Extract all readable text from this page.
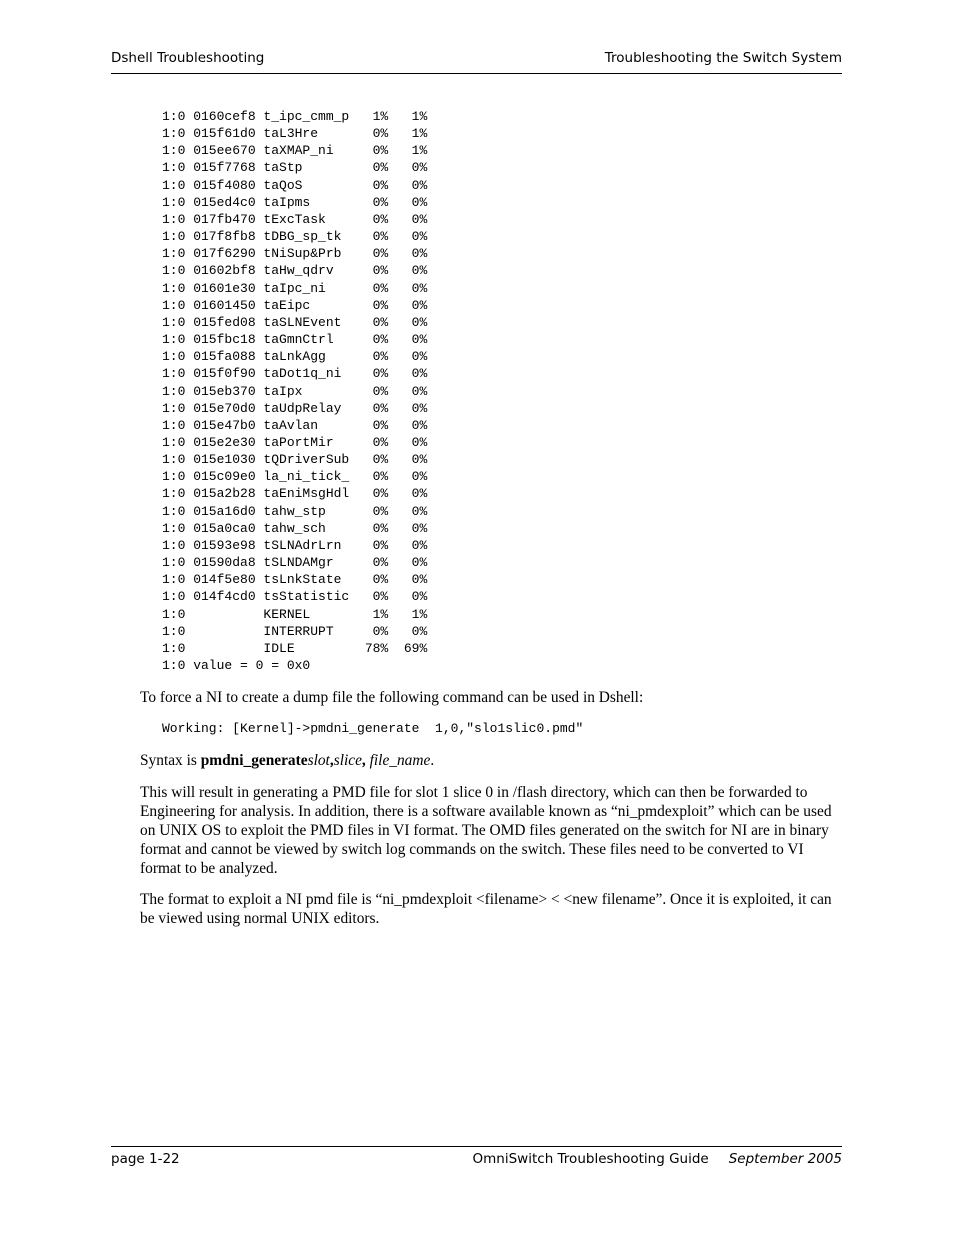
Dshell Troubleshooting	Troubleshooting the Switch System
1:0 0160cef8 t_ipc_cmm_p   1%   1%
1:0 015f61d0 taL3Hre       0%   1%
1:0 015ee670 taXMAP_ni     0%   1%
1:0 015f7768 taStp         0%   0%
1:0 015f4080 taQoS         0%   0%
1:0 015ed4c0 taIpms        0%   0%
1:0 017fb470 tExcTask      0%   0%
1:0 017f8fb8 tDBG_sp_tk    0%   0%
1:0 017f6290 tNiSup&Prb    0%   0%
1:0 01602bf8 taHw_qdrv     0%   0%
1:0 01601e30 taIpc_ni      0%   0%
1:0 01601450 taEipc        0%   0%
1:0 015fed08 taSLNEvent    0%   0%
1:0 015fbc18 taGmnCtrl     0%   0%
1:0 015fa088 taLnkAgg      0%   0%
1:0 015f0f90 taDot1q_ni    0%   0%
1:0 015eb370 taIpx         0%   0%
1:0 015e70d0 taUdpRelay    0%   0%
1:0 015e47b0 taAvlan       0%   0%
1:0 015e2e30 taPortMir     0%   0%
1:0 015e1030 tQDriverSub   0%   0%
1:0 015c09e0 la_ni_tick_   0%   0%
1:0 015a2b28 taEniMsgHdl   0%   0%
1:0 015a16d0 tahw_stp      0%   0%
1:0 015a0ca0 tahw_sch      0%   0%
1:0 01593e98 tSLNAdrLrn    0%   0%
1:0 01590da8 tSLNDAMgr     0%   0%
1:0 014f5e80 tsLnkState    0%   0%
1:0 014f4cd0 tsStatistic   0%   0%
1:0          KERNEL        1%   1%
1:0          INTERRUPT     0%   0%
1:0          IDLE         78%  69%
1:0 value = 0 = 0x0

To force a NI to create a dump file the following command can be used in Dshell:

Working: [Kernel]->pmdni_generate  1,0,"slo1slic0.pmd"

Syntax is pmdni_generateslot,slice, file_name.

This will result in generating a PMD file for slot 1 slice 0 in /flash directory, which can then be forwarded to Engineering for analysis. In addition, there is a software available known as “ni_pmdexploit” which can be used on UNIX OS to exploit the PMD files in VI format. The OMD files generated on the switch for NI are in binary format and cannot be viewed by switch log commands on the switch. These files need to be converted to VI format to be analyzed.

The format to exploit a NI pmd file is “ni_pmdexploit <filename> < <new filename”. Once it is exploited, it can be viewed using normal UNIX editors.

page 1-22	OmniSwitch Troubleshooting Guide September 2005
